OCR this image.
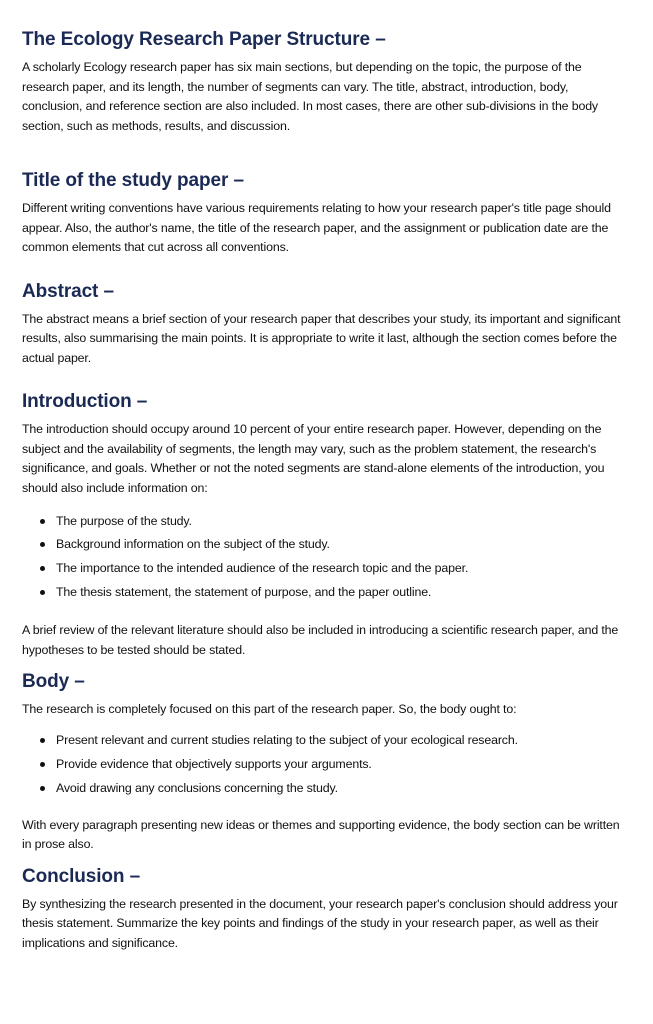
The Ecology Research Paper Structure –

A scholarly Ecology research paper has six main sections, but depending on the topic, the purpose of the research paper, and its length, the number of segments can vary. The title, abstract, introduction, body, conclusion, and reference section are also included. In most cases, there are other sub-divisions in the body section, such as methods, results, and discussion.

Title of the study paper –

Different writing conventions have various requirements relating to how your research paper's title page should appear. Also, the author's name, the title of the research paper, and the assignment or publication date are the common elements that cut across all conventions.

Abstract –

The abstract means a brief section of your research paper that describes your study, its important and significant results, also summarising the main points. It is appropriate to write it last, although the section comes before the actual paper.

Introduction –

The introduction should occupy around 10 percent of your entire research paper. However, depending on the subject and the availability of segments, the length may vary, such as the problem statement, the research's significance, and goals. Whether or not the noted segments are stand-alone elements of the introduction, you should also include information on:

The purpose of the study.
Background information on the subject of the study.
The importance to the intended audience of the research topic and the paper.
The thesis statement, the statement of purpose, and the paper outline.

A brief review of the relevant literature should also be included in introducing a scientific research paper, and the hypotheses to be tested should be stated.

Body –

The research is completely focused on this part of the research paper. So, the body ought to:

Present relevant and current studies relating to the subject of your ecological research.
Provide evidence that objectively supports your arguments.
Avoid drawing any conclusions concerning the study.

With every paragraph presenting new ideas or themes and supporting evidence, the body section can be written in prose also.

Conclusion –

By synthesizing the research presented in the document, your research paper's conclusion should address your thesis statement. Summarize the key points and findings of the study in your research paper, as well as their implications and significance.
